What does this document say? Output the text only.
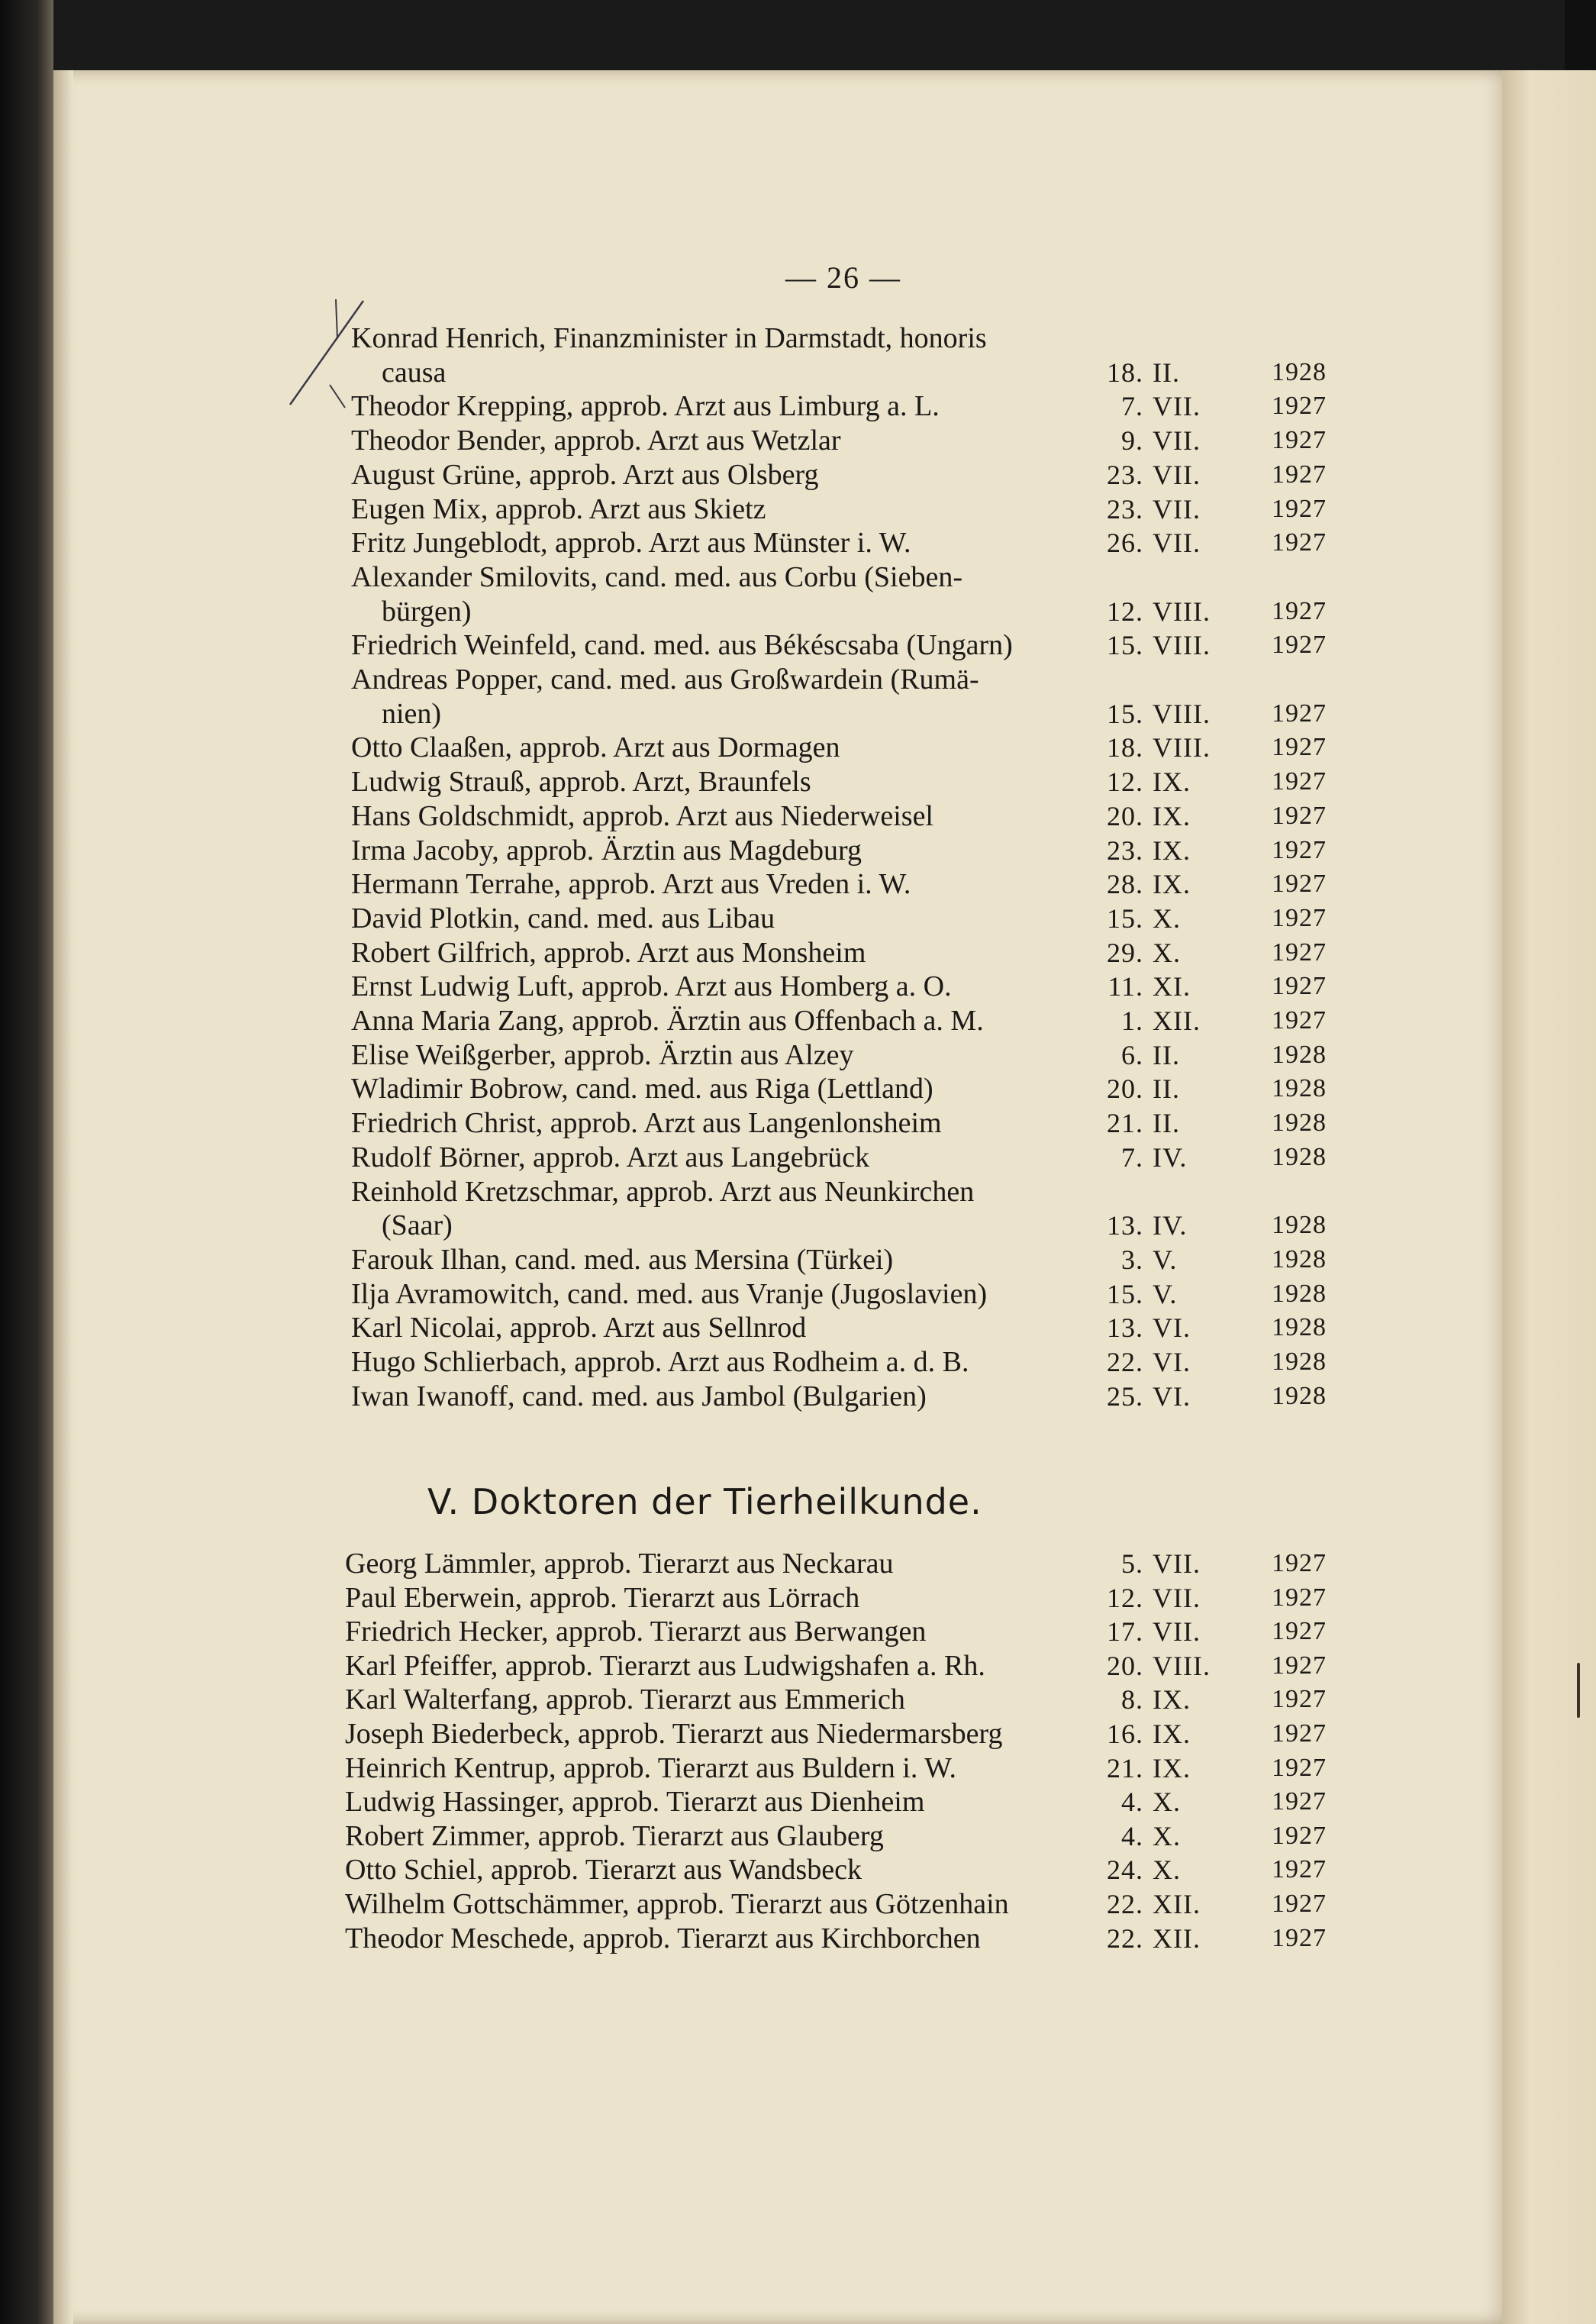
— 26 —
Konrad Henrich, Finanzminister in Darmstadt, honoris
causa	18. II.	1928
Theodor Krepping, approb. Arzt aus Limburg a. L.	7. VII.	1927
Theodor Bender, approb. Arzt aus Wetzlar	9. VII.	1927
August Grüne, approb. Arzt aus Olsberg	23. VII.	1927
Eugen Mix, approb. Arzt aus Skietz	23. VII.	1927
Fritz Jungeblodt, approb. Arzt aus Münster i. W.	26. VII.	1927
Alexander Smilovits, cand. med. aus Corbu (Sieben-
bürgen)	12. VIII. 1927
Friedrich Weinfeld, cand. med. aus Békéscsaba (Ungarn)	15. VIII. 1927
Andreas Popper, cand. med. aus Großwardein (Rumä-
nien)	15. VIII. 1927
Otto Claaßen, approb. Arzt aus Dormagen	18. VIII. 1927
Ludwig Strauß, approb. Arzt, Braunfels	12. IX.	1927
Hans Goldschmidt, approb. Arzt aus Niederweisel	20. IX.	1927
Irma Jacoby, approb. Ärztin aus Magdeburg	23. IX.	1927
Hermann Terrahe, approb. Arzt aus Vreden i. W.	28. IX.	1927
David Plotkin, cand. med. aus Libau	15. X.	1927
Robert Gilfrich, approb. Arzt aus Monsheim	29. X.	1927
Ernst Ludwig Luft, approb. Arzt aus Homberg a. O.	11. XI.	1927
Anna Maria Zang, approb. Ärztin aus Offenbach a. M.	1. XII.	1927
Elise Weißgerber, approb. Ärztin aus Alzey	6. II.	1928
Wladimir Bobrow, cand. med. aus Riga (Lettland)	20. II.	1928
Friedrich Christ, approb. Arzt aus Langenlonsheim	21. II.	1928
Rudolf Börner, approb. Arzt aus Langebrück	7. IV.	1928
Reinhold Kretzschmar, approb. Arzt aus Neunkirchen
(Saar)	13. IV.	1928
Farouk Ilhan, cand. med. aus Mersina (Türkei)	3. V.	1928
Ilja Avramowitch, cand. med. aus Vranje (Jugoslavien)	15. V.	1928
Karl Nicolai, approb. Arzt aus Sellnrod	13. VI.	1928
Hugo Schlierbach, approb. Arzt aus Rodheim a. d. B.	22. VI.	1928
Iwan Iwanoff, cand. med. aus Jambol (Bulgarien)	25. VI.	1928
V. Doktoren der Tierheilkunde.
Georg Lämmler, approb. Tierarzt aus Neckarau	5. VII.	1927
Paul Eberwein, approb. Tierarzt aus Lörrach	12. VII.	1927
Friedrich Hecker, approb. Tierarzt aus Berwangen	17. VII.	1927
Karl Pfeiffer, approb. Tierarzt aus Ludwigshafen a. Rh.	20. VIII. 1927
Karl Walterfang, approb. Tierarzt aus Emmerich	8. IX.	1927
Joseph Biederbeck, approb. Tierarzt aus Niedermarsberg	16. IX.	1927
Heinrich Kentrup, approb. Tierarzt aus Buldern i. W.	21. IX.	1927
Ludwig Hassinger, approb. Tierarzt aus Dienheim	4. X.	1927
Robert Zimmer, approb. Tierarzt aus Glauberg	4. X.	1927
Otto Schiel, approb. Tierarzt aus Wandsbeck	24. X.	1927
Wilhelm Gottschämmer, approb. Tierarzt aus Götzenhain	22. XII.	1927
Theodor Meschede, approb. Tierarzt aus Kirchborchen	22. XII.	1927
